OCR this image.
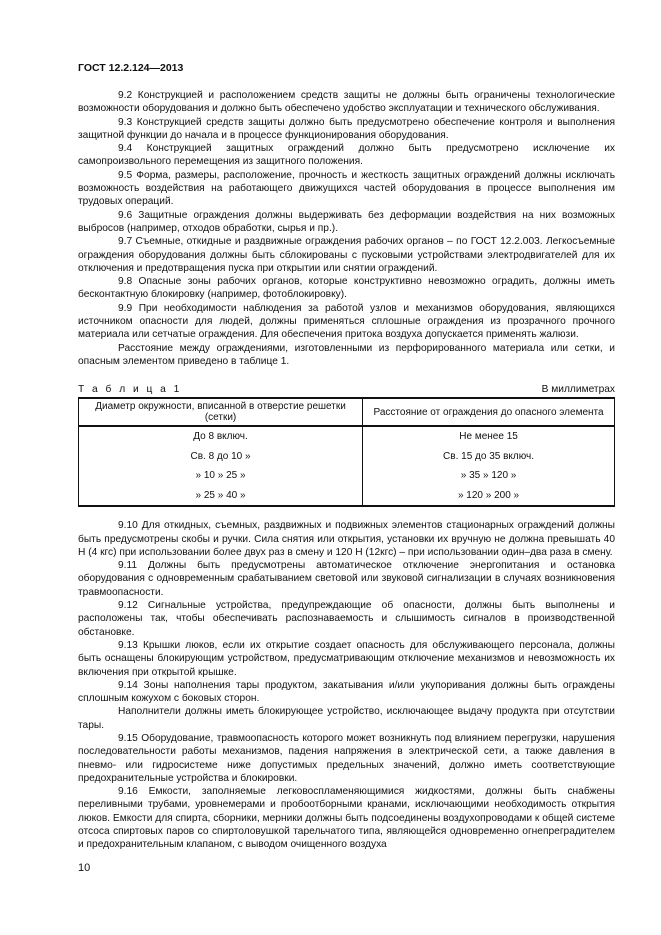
ГОСТ 12.2.124—2013

9.2 Конструкцией и расположением средств защиты не должны быть ограничены технологические возможности оборудования и должно быть обеспечено удобство эксплуатации и технического обслуживания.

9.3 Конструкцией средств защиты должно быть предусмотрено обеспечение контроля и выполнения защитной функции до начала и в процессе функционирования оборудования.

9.4 Конструкцией защитных ограждений должно быть предусмотрено исключение их самопроизвольного перемещения из защитного положения.

9.5 Форма, размеры, расположение, прочность и жесткость защитных ограждений должны исключать возможность воздействия на работающего движущихся частей оборудования в процессе выполнения им трудовых операций.

9.6 Защитные ограждения должны выдерживать без деформации воздействия на них возможных выбросов (например, отходов обработки, сырья и пр.).

9.7 Съемные, откидные и раздвижные ограждения рабочих органов – по ГОСТ 12.2.003. Легкосъемные ограждения оборудования должны быть сблокированы с пусковыми устройствами электродвигателей для их отключения и предотвращения пуска при открытии или снятии ограждений.

9.8 Опасные зоны рабочих органов, которые конструктивно невозможно оградить, должны иметь бесконтактную блокировку (например, фотоблокировку).

9.9 При необходимости наблюдения за работой узлов и механизмов оборудования, являющихся источником опасности для людей, должны применяться сплошные ограждения из прозрачного прочного материала или сетчатые ограждения. Для обеспечения притока воздуха допускается применять жалюзи.

Расстояние между ограждениями, изготовленными из перфорированного материала или сетки, и опасным элементом приведено в таблице 1.

Т а б л и ц а 1	В миллиметрах
Диаметр окружности, вписанной в отверстие решетки (сетки)	Расстояние от ограждения до опасного элемента
До 8 включ.	Не менее 15
Св. 8 до 10 »	Св. 15 до 35 включ.
» 10 » 25 »	» 35 » 120 »
» 25 » 40 »	» 120 » 200 »

9.10 Для откидных, съемных, раздвижных и подвижных элементов стационарных ограждений должны быть предусмотрены скобы и ручки. Сила снятия или открытия, установки их вручную не должна превышать 40 Н (4 кгс) при использовании более двух раз в смену и 120 Н (12кгс) – при использовании один–два раза в смену.

9.11 Должны быть предусмотрены автоматическое отключение энергопитания и остановка оборудования с одновременным срабатыванием световой или звуковой сигнализации в случаях возникновения травмоопасности.

9.12 Сигнальные устройства, предупреждающие об опасности, должны быть выполнены и расположены так, чтобы обеспечивать распознаваемость и слышимость сигналов в производственной обстановке.

9.13 Крышки люков, если их открытие создает опасность для обслуживающего персонала, должны быть оснащены блокирующим устройством, предусматривающим отключение механизмов и невозможность их включения при открытой крышке.

9.14 Зоны наполнения тары продуктом, закатывания и/или укупоривания должны быть ограждены сплошным кожухом с боковых сторон.

Наполнители должны иметь блокирующее устройство, исключающее выдачу продукта при отсутствии тары.

9.15 Оборудование, травмоопасность которого может возникнуть под влиянием перегрузки, нарушения последовательности работы механизмов, падения напряжения в электрической сети, а также давления в пневмо- или гидросистеме ниже допустимых предельных значений, должно иметь соответствующие предохранительные устройства и блокировки.

9.16 Емкости, заполняемые легковоспламеняющимися жидкостями, должны быть снабжены переливными трубами, уровнемерами и пробоотборными кранами, исключающими необходимость открытия люков. Емкости для спирта, сборники, мерники должны быть подсоединены воздухопроводами к общей системе отсоса спиртовых паров со спиртоловушкой тарельчатого типа, являющейся одновременно огнепреградителем и предохранительным клапаном, с выводом очищенного воздуха

10
